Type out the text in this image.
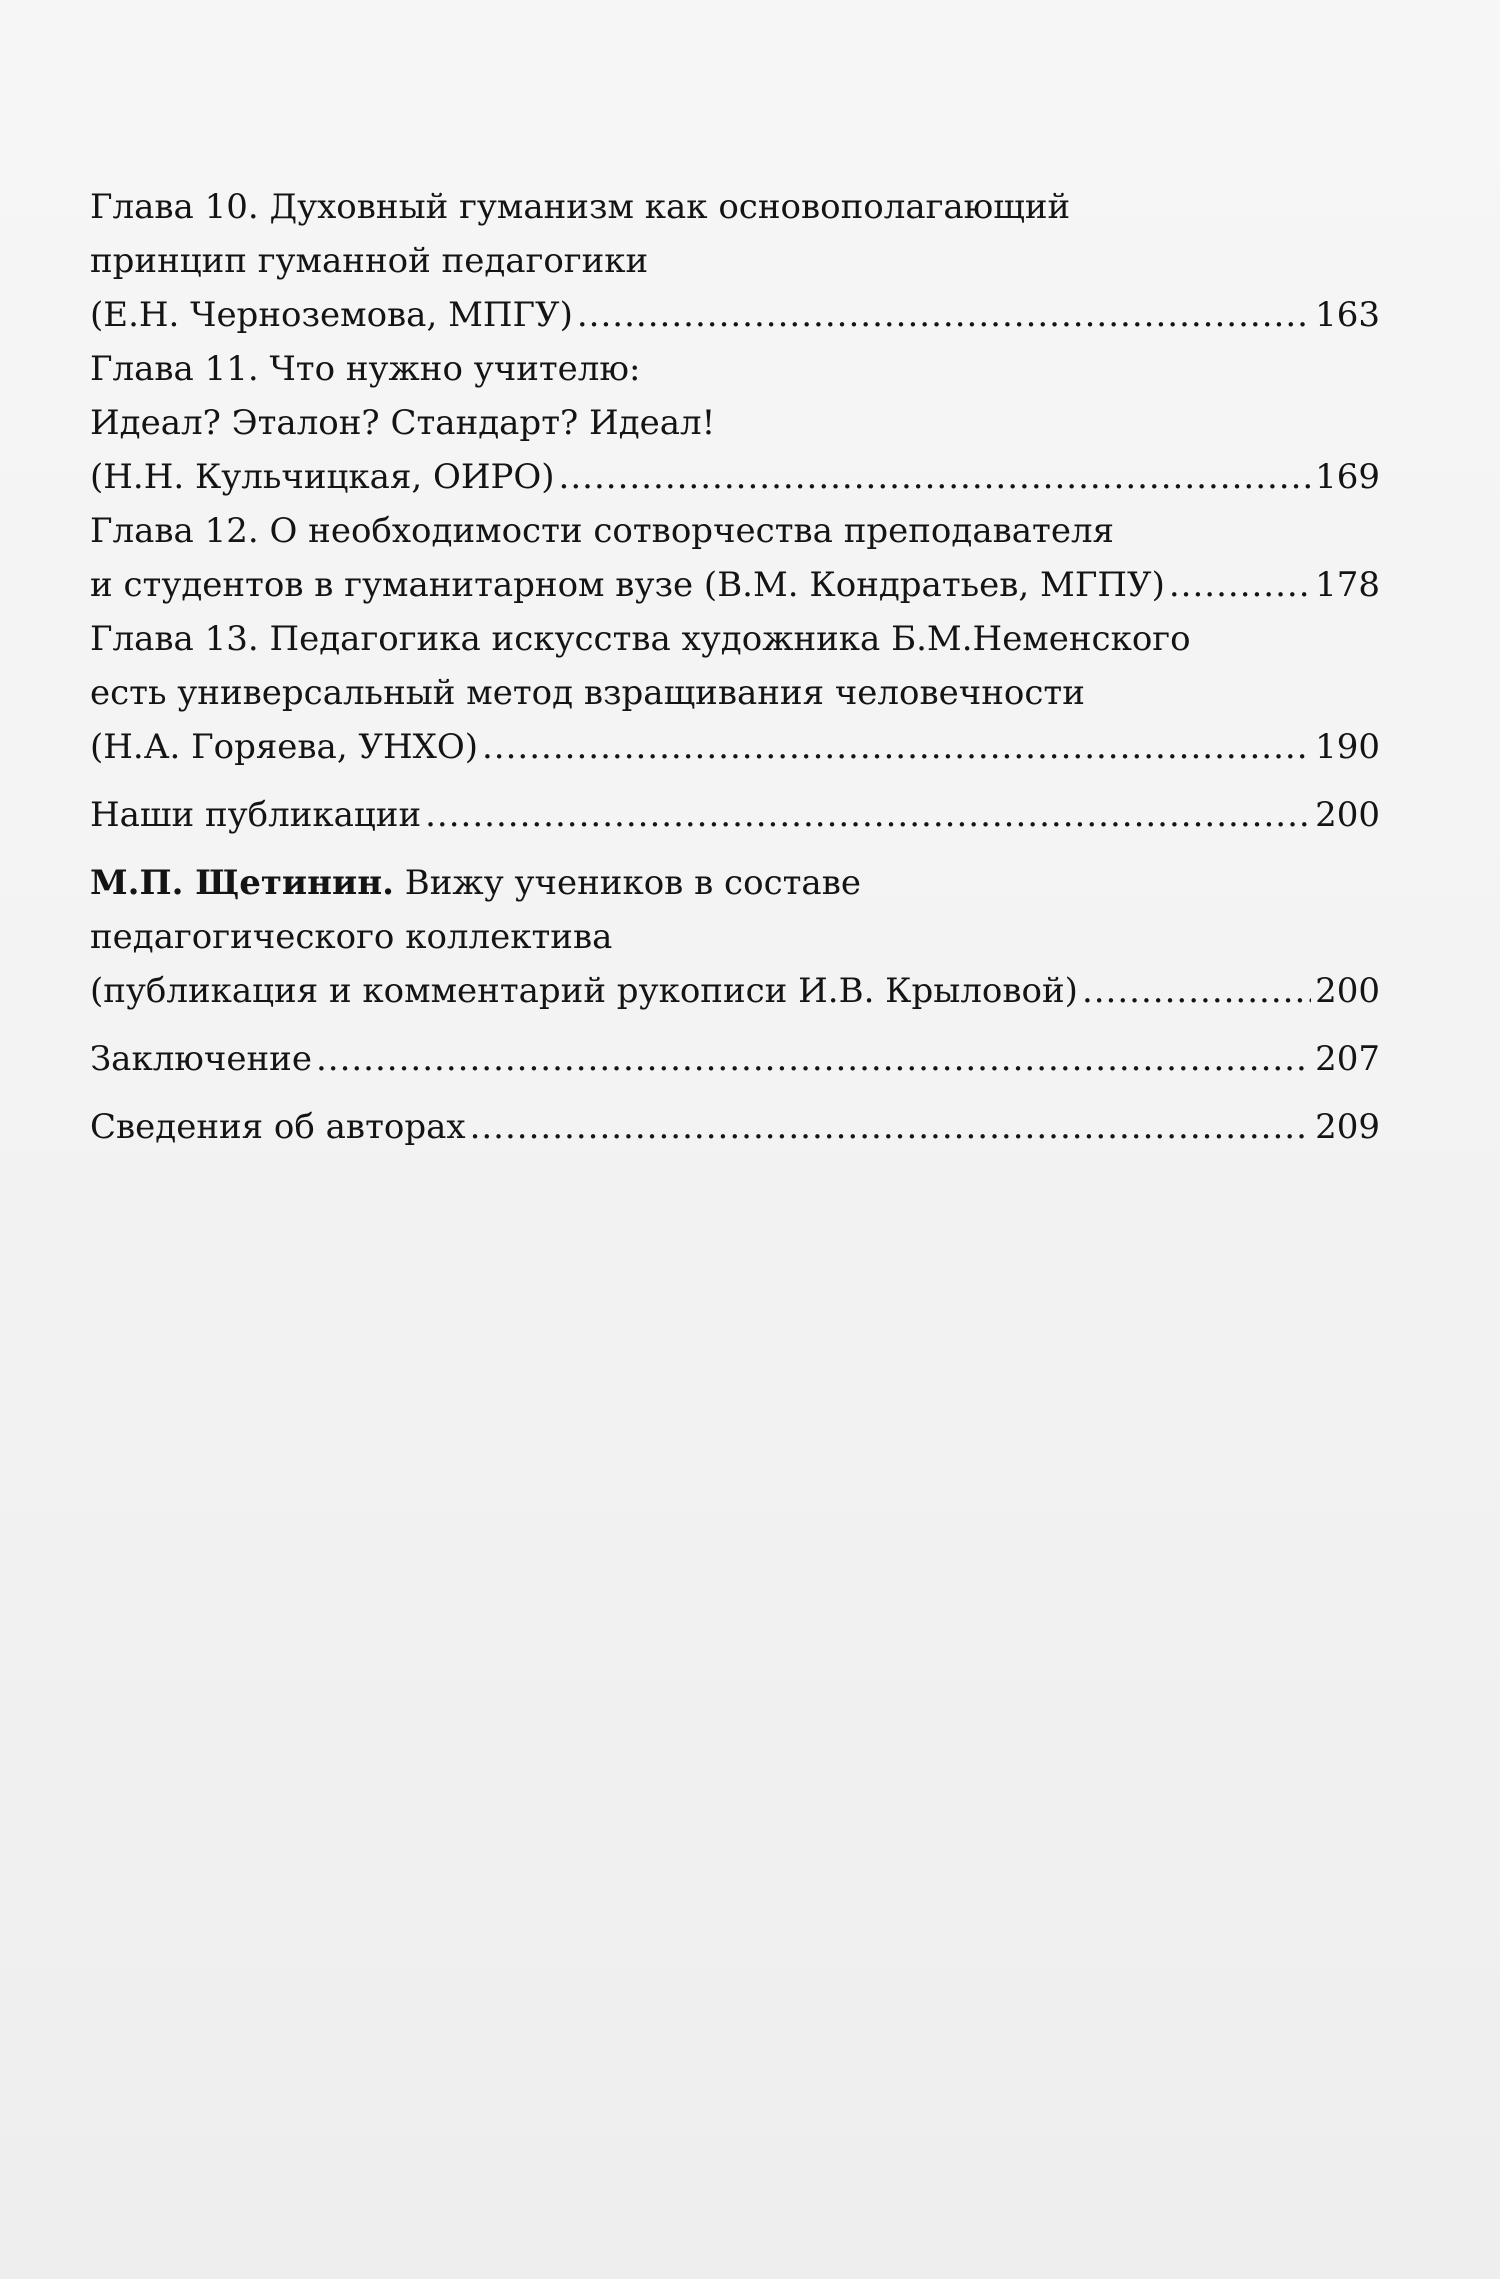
Глава 10. Духовный гуманизм как основополагающий
принцип гуманной педагогики
(Е.Н. Черноземова, МПГУ) .....	163
Глава 11. Что нужно учителю:
Идеал? Эталон? Стандарт? Идеал!
(Н.Н. Кульчицкая, ОИРО) .....	169
Глава 12. О необходимости сотворчества преподавателя
и студентов в гуманитарном вузе (В.М. Кондратьев, МГПУ) .....	178
Глава 13. Педагогика искусства художника Б.М.Неменского
есть универсальный метод взращивания человечности
(Н.А. Горяева, УНХО) .....	190
Наши публикации .....	200
М.П. Щетинин. Вижу учеников в составе
педагогического коллектива
(публикация и комментарий рукописи И.В. Крыловой) .....	200
Заключение .....	207
Сведения об авторах .....	209
